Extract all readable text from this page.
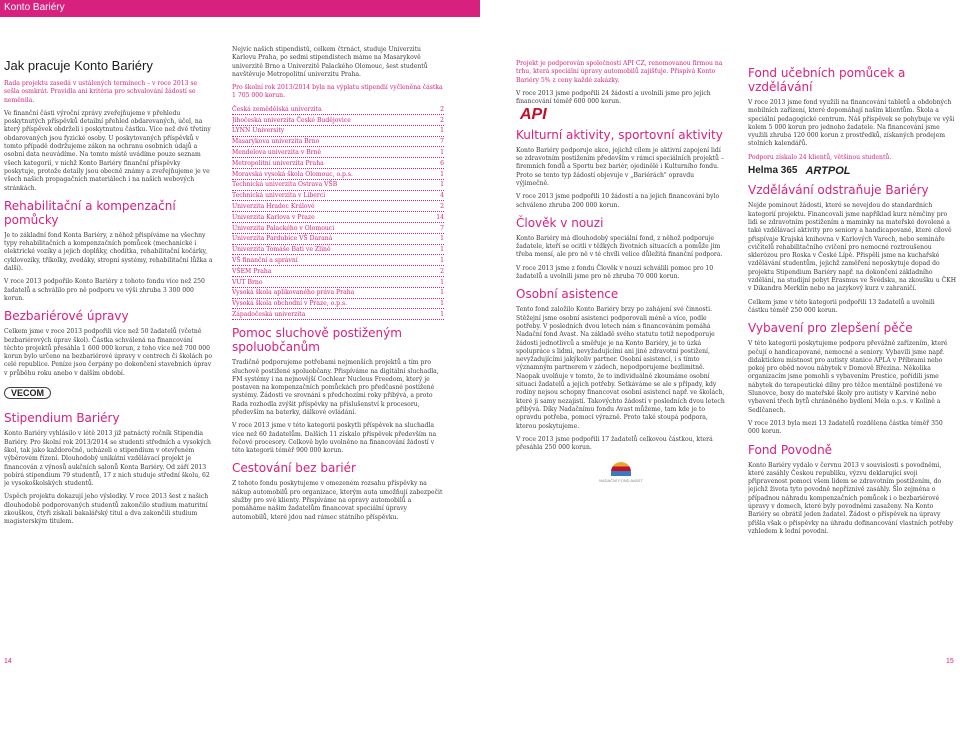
Konto Bariéry
Jak pracuje Konto Bariéry

Rada projektu zasedá v ustálených termínech – v roce 2013 se sešla osmkrát. Pravidla ani kritéria pro schvalování žádostí se neměnila.

Ve finanční části výroční zprávy zveřejňujeme v přehledu poskytnutých příspěvků detailní přehled obdarovaných, účel, na který příspěvek obdrželi i poskytnutou částku. Více než dvě třetiny obdarovaných jsou fyzické osoby. U poskytovaných příspěvků v tomto případě dodržujeme zákon na ochranu osobních údajů a osobní data neuvádíme. Na tomto místě uvádíme pouze seznam všech kategorií, v nichž Konto Bariéry finanční příspěvky poskytuje, protože detaily jsou obecně známy a zveřejňujeme je ve všech našich propagačních materiálech i na našich webových stránkách.

Rehabilitační a kompenzační pomůcky

Je to základní fond Konta Bariéry, z něhož přispíváme na všechny typy rehabilitačních a kompenzačních pomůcek (mechanické i elektrické vozíky a jejich doplňky, chodítka, rehabilitační kočárky, cyklovozíky, tříkolky, zvedáky, stropní systémy, rehabilitační lůžka a další).

V roce 2013 podpořilo Konto Bariéry z tohoto fondu více než 250 žadatelů a schválilo pro ně podporu ve výši zhruba 3 300 000 korun.

Bezbariérové úpravy

Celkem jsme v roce 2013 podpořili více než 50 žadatelů (včetně bezbariérových úprav škol). Částka schválená na financování těchto projektů přesáhla 1 600 000 korun, z toho více než 700 000 korun bylo určeno na bezbariérové úpravy v centrech či školách po celé republice. Peníze jsou čerpány po dokončení stavebních úprav v průběhu roku anebo v dalším období.

VECOM
Stipendium Bariéry

Konto Bariéry vyhlásilo v létě 2013 již patnáctý ročník Stipendia Bariéry. Pro školní rok 2013/2014 se studenti středních a vysokých škol, tak jako každoročně, ucházeli o stipendium v otevřeném výběrovém řízení. Dlouhodobý unikátní vzdělávací projekt je financován z výnosů aukčních salonů Konta Bariéry. Od září 2013 pobírá stipendium 79 studentů, 17 z nich studuje střední školu, 62 je vysokoškolských studentů.

Úspěch projektu dokazují jeho výsledky. V roce 2013 šest z našich dlouhodobě podporovaných studentů zakončilo studium maturitní zkouškou, čtyři získali bakalářský titul a dva zakončili studium magisterským titulem.

Nejvíc našich stipendistů, celkem čtrnáct, studuje Univerzitu Karlovu Praha, po sedmi stipendistech máme na Masarykově univerzitě Brno a Univerzitě Palackého Olomouc, šest studentů navštěvuje Metropolitní univerzitu Praha.

Pro školní rok 2013/2014 byla na výplatu stipendií vyčleněna částka 1 705 000 korun.

Česká zemědělská univerzita	2
Jihočeská univerzita České Budějovice	2
LYNN University	1
Masarykova univerzita Brno	7
Mendelova univerzita v Brně	1
Metropolitní univerzita Praha	6
Moravská vysoká škola Olomouc, o.p.s.	1
Technická univerzita Ostrava VŠB	1
Technická univerzita v Liberci	4
Univerzita Hradec Králové	2
Univerzita Karlova v Praze	14
Univerzita Palackého v Olomouci	7
Univerzita Pardubice VŠ Daraná	1
Univerzita Tomáše Bati ve Zlíně	1
VŠ finanční a správní	1
VŠEM Praha	2
VUT Brno	1
Vysoká škola aplikovaného práva Praha	1
Vysoká škola obchodní v Praze, o.p.s.	1
Západočeská univerzita	1
Pomoc sluchově postiženým spoluobčanům

Tradičně podporujeme potřebami nejmenších projektů a tím pro sluchově postižené spoluobčany. Přispíváme na digitální sluchadla, FM systémy i na nejnovější Cochlear Nucleus Freedom, který je postaven na kompenzačních pomůckách pro předčasné postižené systémy. Žádosti ve srovnání s předchozími roky přibývá, a proto Rada rozhodla zvýšit příspěvky na příslušenství k procesoru, především na baterky, dálkové ovládání.

V roce 2013 jsme v této kategorii poskytli příspěvek na sluchadla více než 60 žadatelům. Dalších 11 získalo příspěvek především na řečové procesory. Celkově bylo uvolněno na financování žádostí v této kategorii téměř 900 000 korun.

Cestování bez bariér

Z tohoto fondu poskytujeme v omezeném rozsahu příspěvky na nákup automobilů pro organizace, kterým auta umožňují zabezpečit služby pro své klienty. Přispíváme na opravy automobilů a pomáháme našim žadatelům financovat speciální úpravy automobilů, které jdou nad rámec státního příspěvku.

Projekt je podporován společností API CZ, renomovanou firmou na trhu, která speciální úpravy automobilů zajišťuje. Přispívá Konto Bariéry 5% z ceny každé zakázky.

V roce 2013 jsme podpořili 24 žádostí a uvolnili jsme pro jejich financování téměř 600 000 korun.

API
Kulturní aktivity, sportovní aktivity

Konto Bariéry podporuje akce, jejichž cílem je aktivní zapojení lidí se zdravotním postižením především v rámci speciálních projektů – firemních fondů a Sportu bez bariér, ojedinělé i Kulturního fondu. Proto se tento typ žádostí objevuje v „Bariérách" opravdu výjimečně.

V roce 2013 jsme podpořili 10 žádostí a na jejich financování bylo schváleno zhruba 200 000 korun.

Člověk v nouzi

Konto Bariéry má dlouhodobý speciální fond, z něhož podporuje žadatele, kteří se ocitli v těžkých životních situacích a pomůže jim třeba mensí, ale pro ně v té chvíli velice důležitá finanční podpora.

V roce 2013 jsme z fondu Člověk v nouzi schválili pomoc pro 10 žadatelů a uvolnili jsme pro ně zhruba 70 000 korun.

Osobní asistence

Tento fond založilo Konto Bariéry brzy po zahájení své činnosti. Stěžejní jsme osobní asistenci podporovali méně a více, podle potřeby. V posledních dvou letech nám s financováním pomáhá Nadační fond Avast. Na základě svého statutu totiž nepodporuje žádosti jednotlivců a směřuje je na Konto Bariéry, je to úzká spolupráce s lidmi, nevyžadujícími ani jiné zdravotní postižení, nevyžadujícími jakýkoliv partner. Osobní asistenci, i s tímto významným partnerem v zádech, nepodporujeme bezlimitně. Naopak uvolňuje v tomto, že to individuálně zkoumáme osobní situaci žadatelů a jejich potřeby. Setkáváme se ale s případy, kdy rodiny nejsou schopny financovat osobní asistenci např. ve školách, které ji samy nezajistí. Takovýchto žádostí v posledních dvou letech přibývá. Díky Nadačnímu fondu Avast můžeme, tam kde je to opravdu potřeba, pomoci výrazně. Proto také stoupá podpora, kterou poskytujeme.

V roce 2013 jsme podpořili 17 žadatelů celkovou částkou, která přesáhla 250 000 korun.

NADAČNÍ FOND AVAST
Fond učebních pomůcek a vzdělávání

V roce 2013 jsme fond využili na financování tabletů a obdobných mobilních zařízení, které dopomáhají našim klientům. Škola a speciální pedagogické centrum. Náš příspěvek se pohybuje ve výši kolem 5 000 korun pro jednoho žadatele. Na financování jsme využili zhruba 120 000 korun z prostředků, získaných prodejem stolních kalendářů.

Podporu získalo 24 klientů, většinou studentů.

Helma 365 ARTPOL
Vzdělávání odstraňuje Bariéry

Nejde pominout žádosti, které se nevejdou do standardních kategorií projektu. Financovali jsme například kurz němčiny pro lidi se zdravotním postižením a maminky na mateřské dovolené a také vzdělávací aktivity pro seniory a handicapované, které cílově přispívaje Krajská knihovna v Karlových Varech, nebo semináře cvičitelů rehabilitačního cvičení pro nemocné roztroušenou sklerózou pro Roska v České Lípě. Přispěli jsme na kuchařské vzdělávání studentům, jejichž zaměření neposkytuje dopad do projektu Stipendium Bariéry např. na dokončení základního vzdělání, na studijní pobyt Erasmus ve Švédsku, na zkoušku u ČKH v Dikandra Merklín nebo na jazykový kurz v zahraničí.

Celkem jsme v této kategorii podpořili 13 žadatelů a uvolnili částku téměř 250 000 korun.

Vybavení pro zlepšení pěče

V této kategorii poskytujeme podporu převážně zařízením, které pečují o handicapované, nemocné a seniory. Vybavili jsme např. didaktickou místnost pro autisty stanice APLA v Příbrami nebo pokoj pro oběd novou nábytek v Domově Březina. Několika organizacím jsme pomohli s vybavením Prestice, pořídili jsme nábytek do terapeutické dílny pro těžce mentálně postižené ve Slunovce, boxy do mateřské školy pro autisty v Karviné nebo vybavení třech bytů chráněného bydlení Mela o.p.s. v Kolíně a Sedlčanech.

V roce 2013 byla mezi 13 žadatelů rozdělena částka téměř 350 000 korun.

Fond Povodně

Konto Bariéry vydalo v červnu 2013 v souvislosti s povodněmi, které zasáhly Českou republiku, výzvu deklarující svoji připravenost pomoci všem lidem se zdravotním postižením, do jejichž života tyto povodně nepříznivě zasáhly. Šlo zejména o případnou náhradu kompenzačních pomůcek i o bezbariérové úpravy v domech, které byly povodněmi zasaženy. Na Konto Bariéry se obrátil jeden žadatel. Žádost o příspěvek na úpravy přišla však o přispěvky na úhradu dofinancování vlastních potřeby vzhledem k lední povodni.

14	15
